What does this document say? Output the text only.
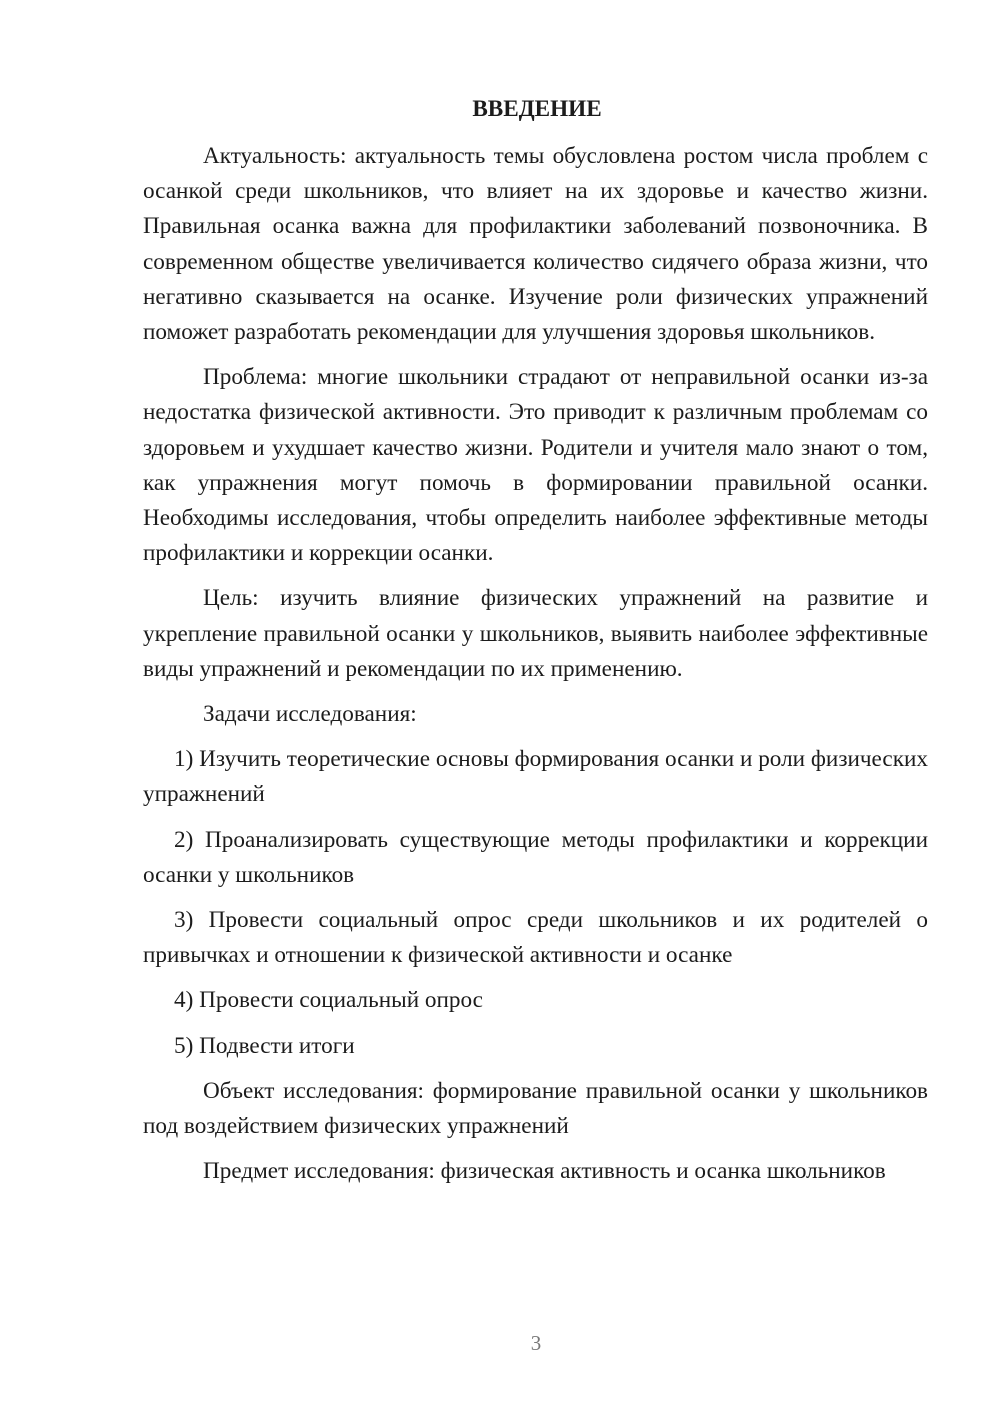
ВВЕДЕНИЕ

Актуальность: актуальность темы обусловлена ростом числа проблем с осанкой среди школьников, что влияет на их здоровье и качество жизни. Правильная осанка важна для профилактики заболеваний позвоночника. В современном обществе увеличивается количество сидячего образа жизни, что негативно сказывается на осанке. Изучение роли физических упражнений поможет разработать рекомендации для улучшения здоровья школьников.

Проблема: многие школьники страдают от неправильной осанки из-за недостатка физической активности. Это приводит к различным проблемам со здоровьем и ухудшает качество жизни. Родители и учителя мало знают о том, как упражнения могут помочь в формировании правильной осанки. Необходимы исследования, чтобы определить наиболее эффективные методы профилактики и коррекции осанки.

Цель: изучить влияние физических упражнений на развитие и укрепление правильной осанки у школьников, выявить наиболее эффективные виды упражнений и рекомендации по их применению.

Задачи исследования:

1) Изучить теоретические основы формирования осанки и роли физических упражнений

2) Проанализировать существующие методы профилактики и коррекции осанки у школьников

3) Провести социальный опрос среди школьников и их родителей о привычках и отношении к физической активности и осанке

4) Провести социальный опрос

5) Подвести итоги

Объект исследования: формирование правильной осанки у школьников под воздействием физических упражнений

Предмет исследования: физическая активность и осанка школьников

3
